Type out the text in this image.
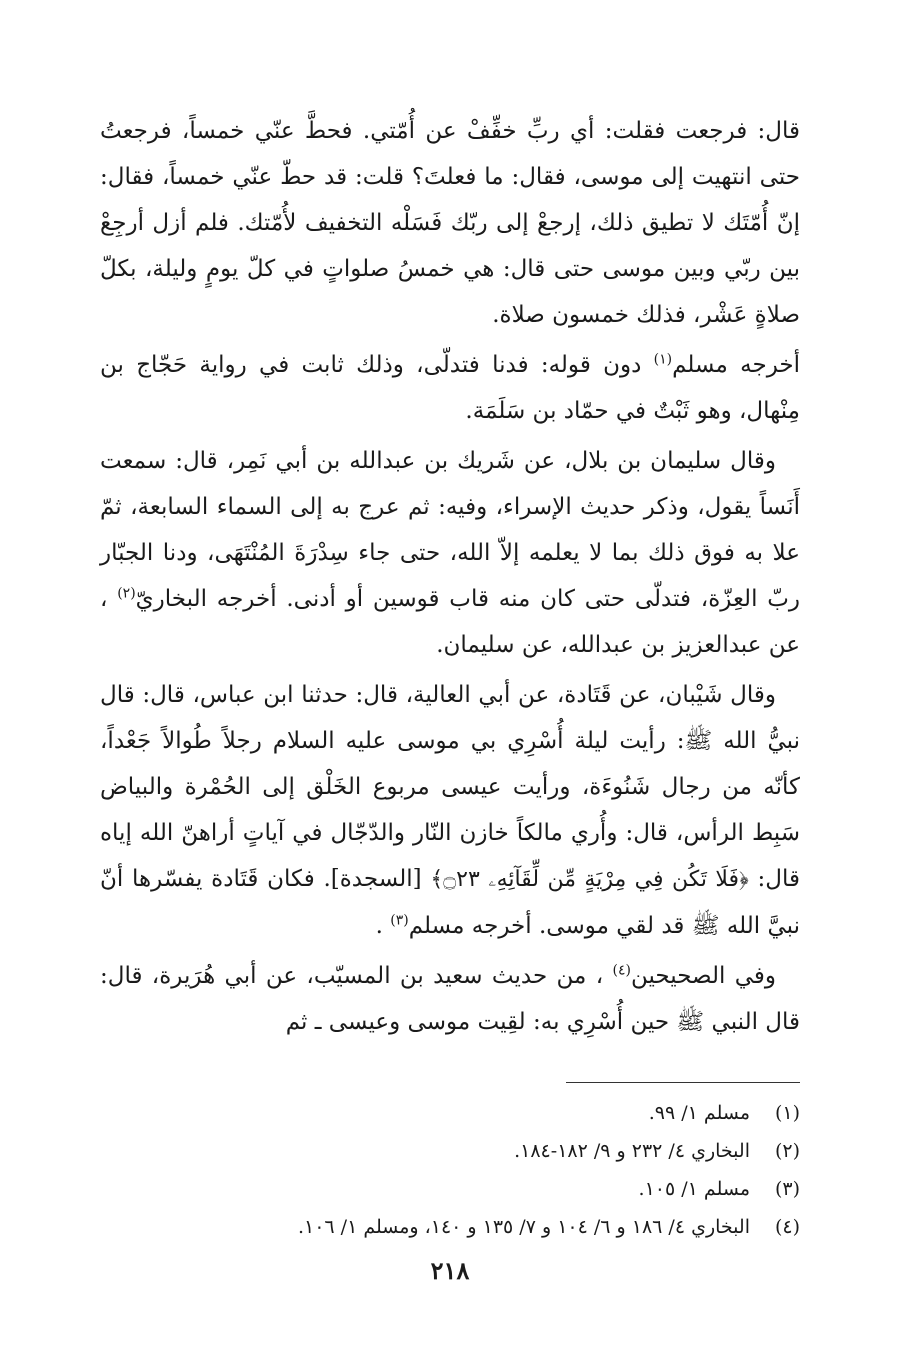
قال: فرجعت فقلت: أي ربِّ خفِّفْ عن أُمّتي. فحطَّ عنّي خمساً، فرجعتُ حتى انتهيت إلى موسى، فقال: ما فعلتَ؟ قلت: قد حطّ عنّي خمساً، فقال: إنّ أُمّتَك لا تطيق ذلك، إرجعْ إلى ربّك فَسَلْه التخفيف لأُمّتك. فلم أزل أرجِعْ بين ربّي وبين موسى حتى قال: هي خمسُ صلواتٍ في كلّ يومٍ وليلة، بكلّ صلاةٍ عَشْر، فذلك خمسون صلاة.

أخرجه مسلم$^{(١)}$ دون قوله: فدنا فتدلّى، وذلك ثابت في رواية حَجّاج بن مِنْهال، وهو ثَبْتٌ في حمّاد بن سَلَمَة.

وقال سليمان بن بلال، عن شَريك بن عبدالله بن أبي نَمِر، قال: سمعت أَنَساً يقول، وذكر حديث الإسراء، وفيه: ثم عرج به إلى السماء السابعة، ثمّ علا به فوق ذلك بما لا يعلمه إلاّ الله، حتى جاء سِدْرَةَ المُنْتَهَى، ودنا الجبّار ربّ العِزّة، فتدلّى حتى كان منه قاب قوسين أو أدنى. أخرجه البخاريّ$^{(٢)}$ ، عن عبدالعزيز بن عبدالله، عن سليمان.

وقال شَيْبان، عن قَتَادة، عن أبي العالية، قال: حدثنا ابن عباس، قال: قال نبيُّ الله ﷺ: رأيت ليلة أُسْرِي بي موسى عليه السلام رجلاً طُوالاً جَعْداً، كأنّه من رجال شَنُوءَة، ورأيت عيسى مربوع الخَلْق إلى الحُمْرة والبياض سَبِط الرأس، قال: وأُري مالكاً خازن النّار والدّجّال في آياتٍ أراهنّ الله إياه قال: ﴿فَلَا تَكُن فِي مِرْيَةٍ مِّن لِّقَآئِهِۦ ۝٢٣﴾ [السجدة]. فكان قَتَادة يفسّرها أنّ نبيَّ الله ﷺ قد لقي موسى. أخرجه مسلم$^{(٣)}$ .

وفي الصحيحين$^{(٤)}$ ، من حديث سعيد بن المسيّب، عن أبي هُرَيرة، قال: قال النبي ﷺ حين أُسْرِي به: لقِيت موسى وعيسى ـ ثم

(١)مسلم ١/ ٩٩.
(٢)البخاري ٤/ ٢٣٢ و ٩/ ١٨٢-١٨٤.
(٣)مسلم ١/ ١٠٥.
(٤)البخاري ٤/ ١٨٦ و ٦/ ١٠٤ و ٧/ ١٣٥ و ١٤٠، ومسلم ١/ ١٠٦.
٢١٨
